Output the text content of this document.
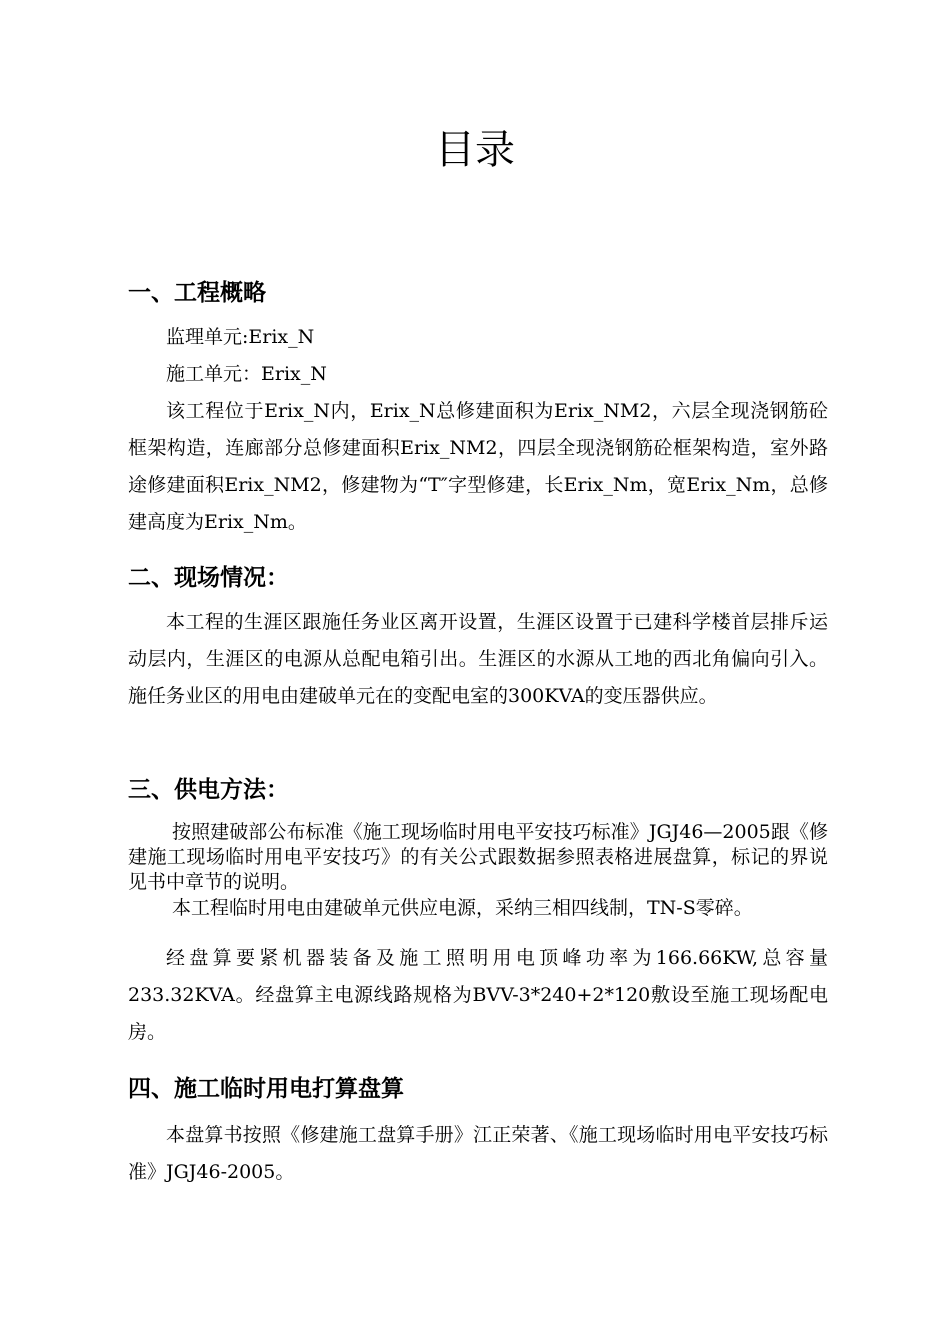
目录
一、工程概略

监理单元:Erix_N

施工单元：Erix_N

该工程位于Erix_N内，Erix_N总修建面积为Erix_NM2，六层全现浇钢筋砼框架构造，连廊部分总修建面积Erix_NM2，四层全现浇钢筋砼框架构造，室外路途修建面积Erix_NM2，修建物为“T″字型修建，长Erix_Nm，宽Erix_Nm，总修建高度为Erix_Nm。

二、现场情况：

本工程的生涯区跟施任务业区离开设置，生涯区设置于已建科学楼首层排斥运动层内，生涯区的电源从总配电箱引出。生涯区的水源从工地的西北角偏向引入。施任务业区的用电由建破单元在的变配电室的300KVA的变压器供应。

三、供电方法：

按照建破部公布标准《施工现场临时用电平安技巧标准》JGJ46—2005跟《修建施工现场临时用电平安技巧》的有关公式跟数据参照表格进展盘算，标记的界说见书中章节的说明。

本工程临时用电由建破单元供应电源，采纳三相四线制，TN-S零碎。

经盘算要紧机器装备及施工照明用电顶峰功率为166.66KW,总容量233.32KVA。经盘算主电源线路规格为BVV-3*240+2*120敷设至施工现场配电房。

四、施工临时用电打算盘算

本盘算书按照《修建施工盘算手册》江正荣著、《施工现场临时用电平安技巧标准》JGJ46-2005。
